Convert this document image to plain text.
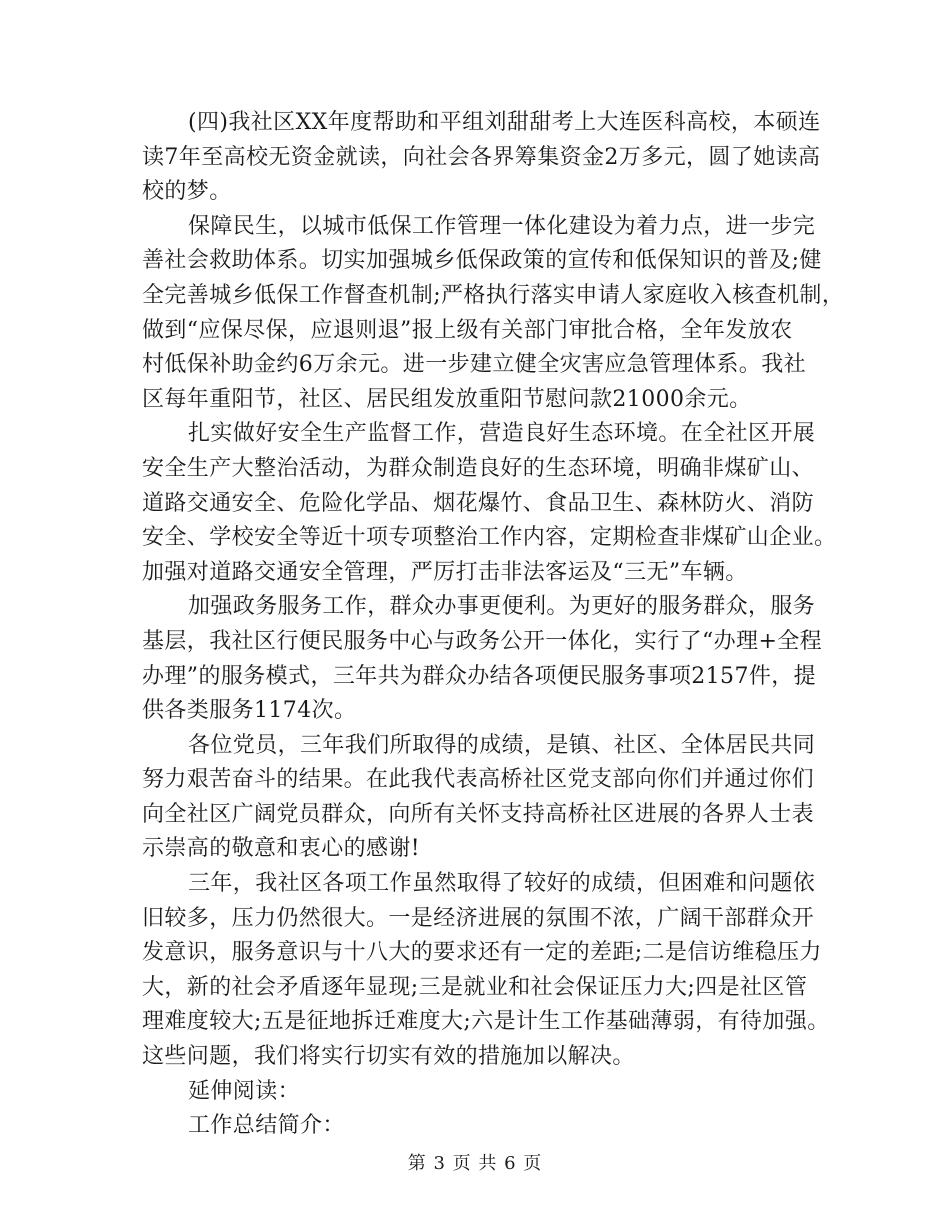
(四)我社区XX年度帮助和平组刘甜甜考上大连医科高校，本硕连
读7年至高校无资金就读，向社会各界筹集资金2万多元，圆了她读高
校的梦。
保障民生，以城市低保工作管理一体化建设为着力点，进一步完
善社会救助体系。切实加强城乡低保政策的宣传和低保知识的普及;健
全完善城乡低保工作督查机制;严格执行落实申请人家庭收入核查机制，
做到“应保尽保，应退则退”报上级有关部门审批合格，全年发放农
村低保补助金约6万余元。进一步建立健全灾害应急管理体系。我社
区每年重阳节，社区、居民组发放重阳节慰问款21000余元。
扎实做好安全生产监督工作，营造良好生态环境。在全社区开展
安全生产大整治活动，为群众制造良好的生态环境，明确非煤矿山、
道路交通安全、危险化学品、烟花爆竹、食品卫生、森林防火、消防
安全、学校安全等近十项专项整治工作内容，定期检查非煤矿山企业。
加强对道路交通安全管理，严厉打击非法客运及“三无”车辆。
加强政务服务工作，群众办事更便利。为更好的服务群众，服务
基层，我社区行便民服务中心与政务公开一体化，实行了“办理+全程
办理”的服务模式，三年共为群众办结各项便民服务事项2157件，提
供各类服务1174次。
各位党员，三年我们所取得的成绩，是镇、社区、全体居民共同
努力艰苦奋斗的结果。在此我代表高桥社区党支部向你们并通过你们
向全社区广阔党员群众，向所有关怀支持高桥社区进展的各界人士表
示崇高的敬意和衷心的感谢!
三年，我社区各项工作虽然取得了较好的成绩，但困难和问题依
旧较多，压力仍然很大。一是经济进展的氛围不浓，广阔干部群众开
发意识，服务意识与十八大的要求还有一定的差距;二是信访维稳压力
大，新的社会矛盾逐年显现;三是就业和社会保证压力大;四是社区管
理难度较大;五是征地拆迁难度大;六是计生工作基础薄弱，有待加强。
这些问题，我们将实行切实有效的措施加以解决。
延伸阅读：
工作总结简介：
第 3 页 共 6 页
